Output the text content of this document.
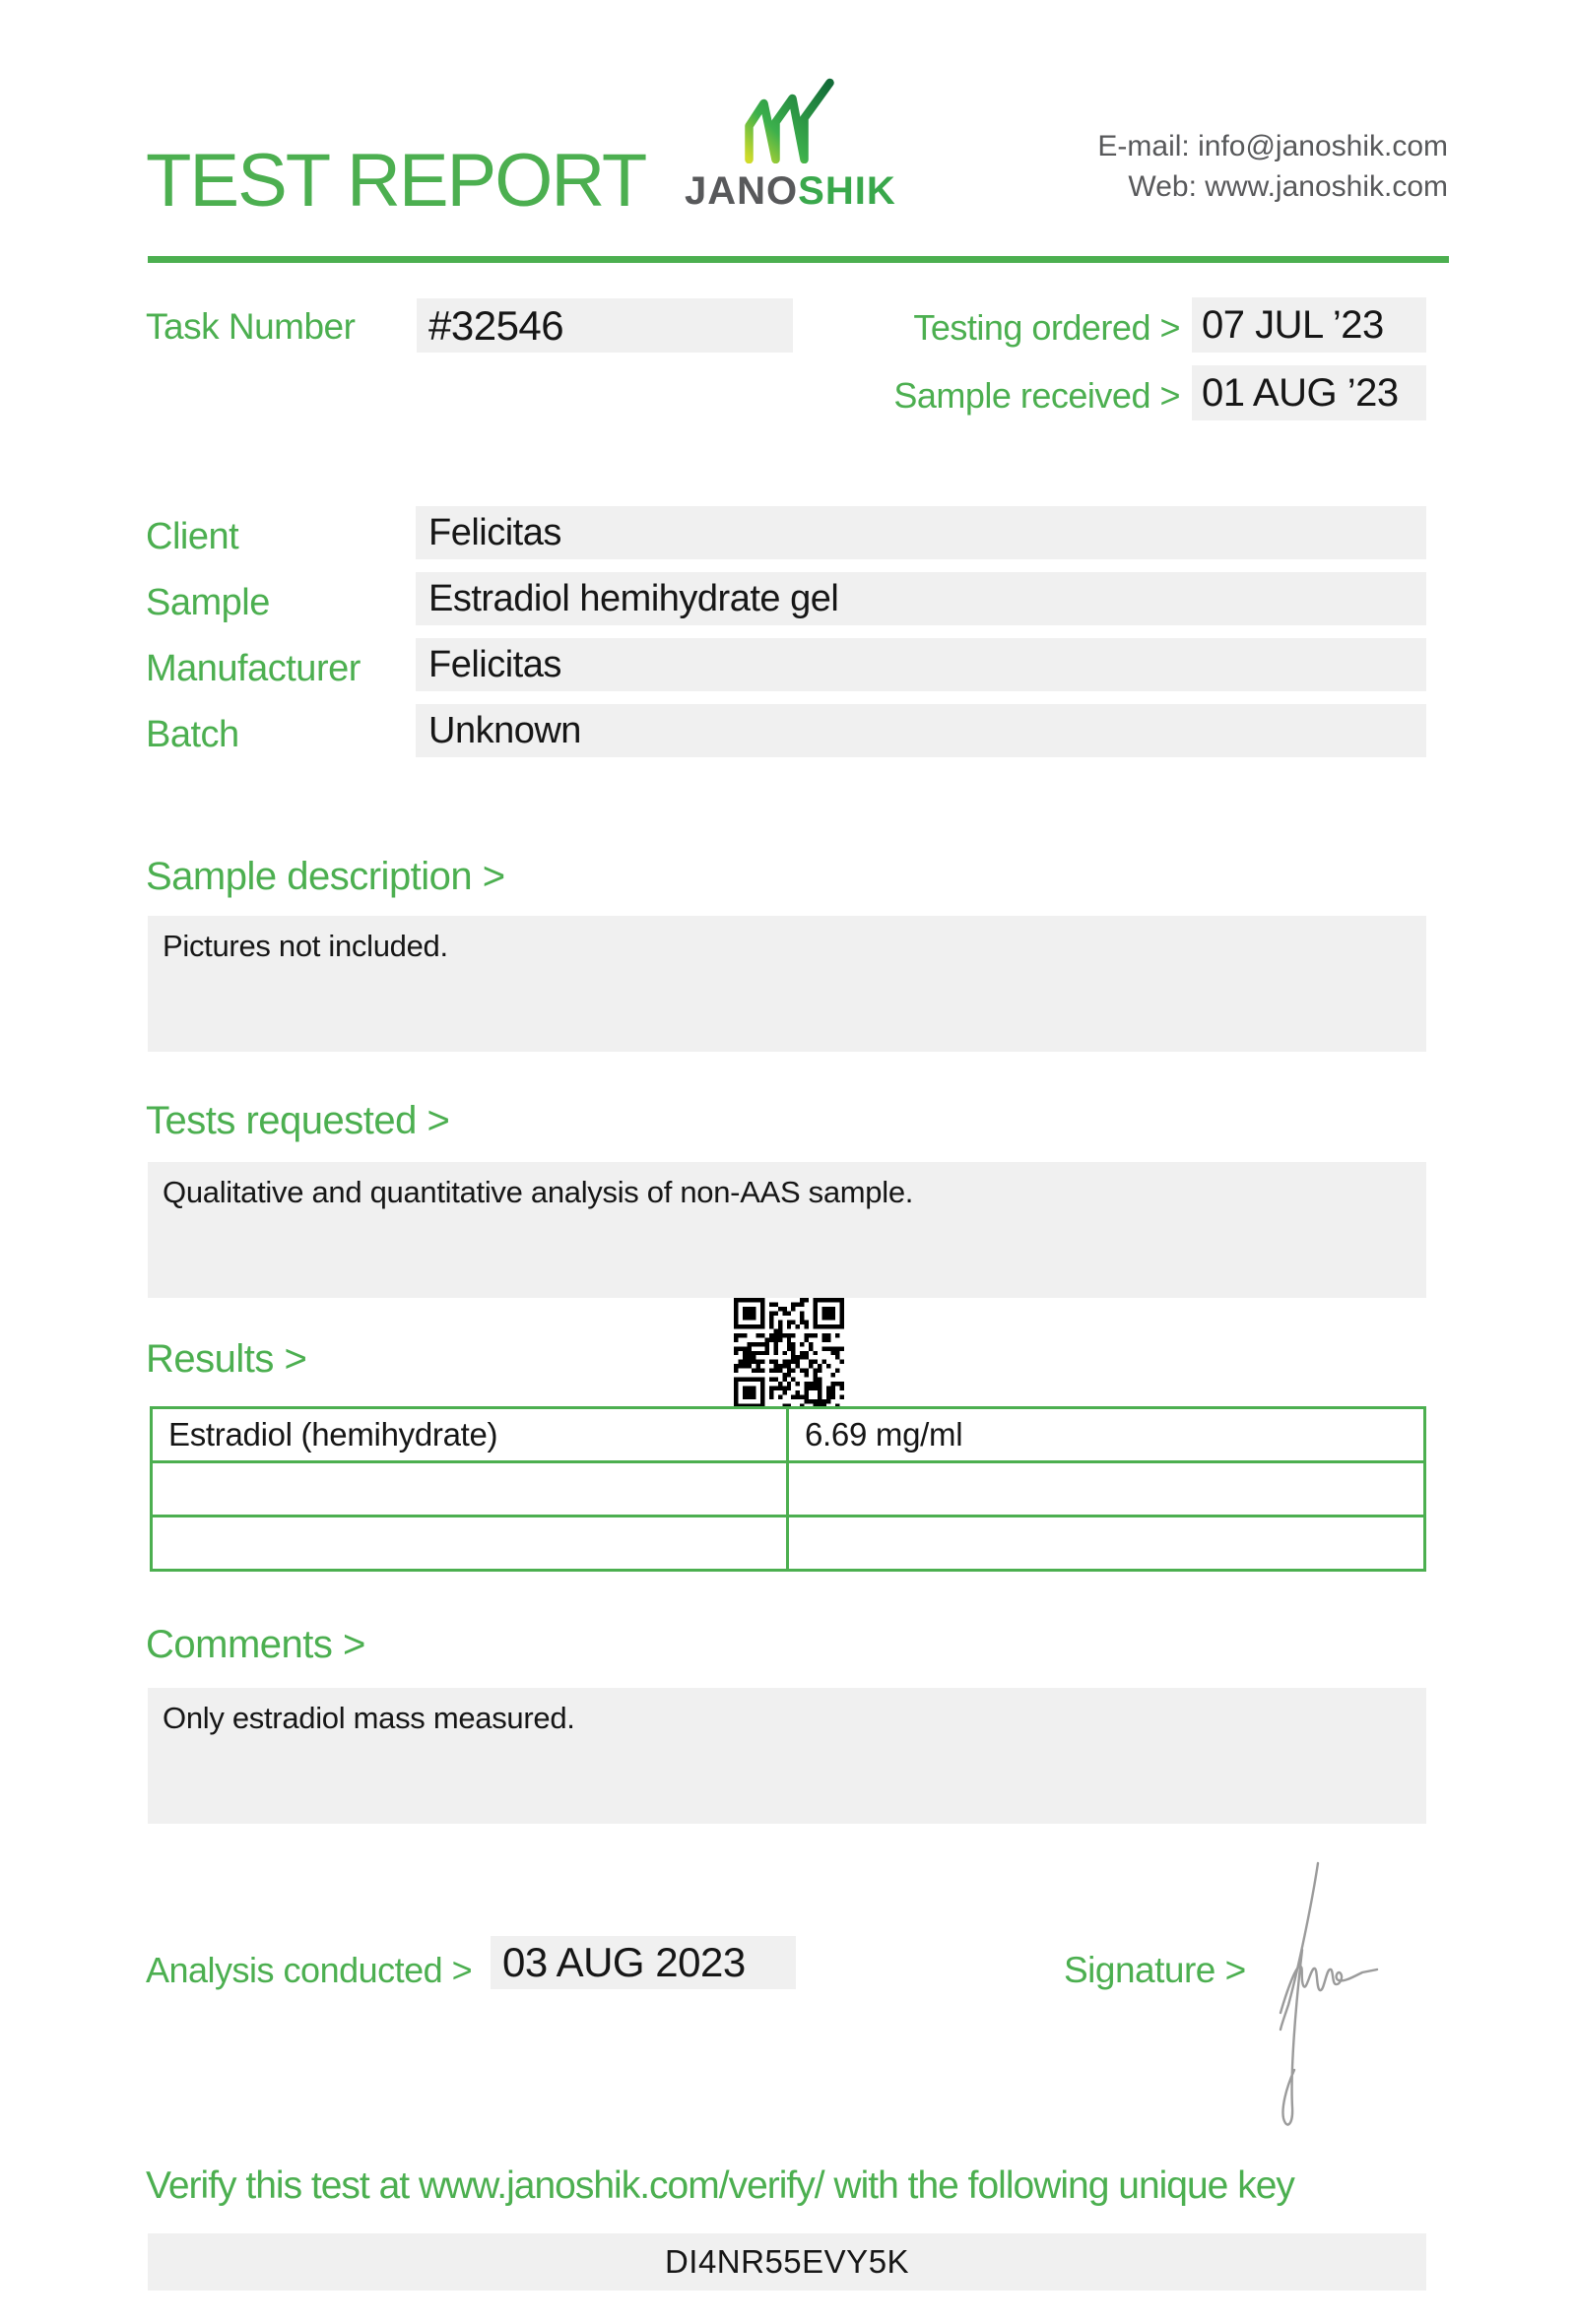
TEST REPORT JANOSHIK
E-mail: info@janoshik.com
Web: www.janoshik.com
Task Number #32546	Testing ordered > 07 JUL ’23
Sample received > 01 AUG ’23
Client	Felicitas
Sample	Estradiol hemihydrate gel
Manufacturer	Felicitas
Batch	Unknown
Sample description >
Pictures not included.
Tests requested >
Qualitative and quantitative analysis of non-AAS sample.
Results >
Estradiol (hemihydrate)	6.69 mg/ml

Comments >
Only estradiol mass measured.
Analysis conducted > 03 AUG 2023	Signature >
Verify this test at www.janoshik.com/verify/ with the following unique key
DI4NR55EVY5K
